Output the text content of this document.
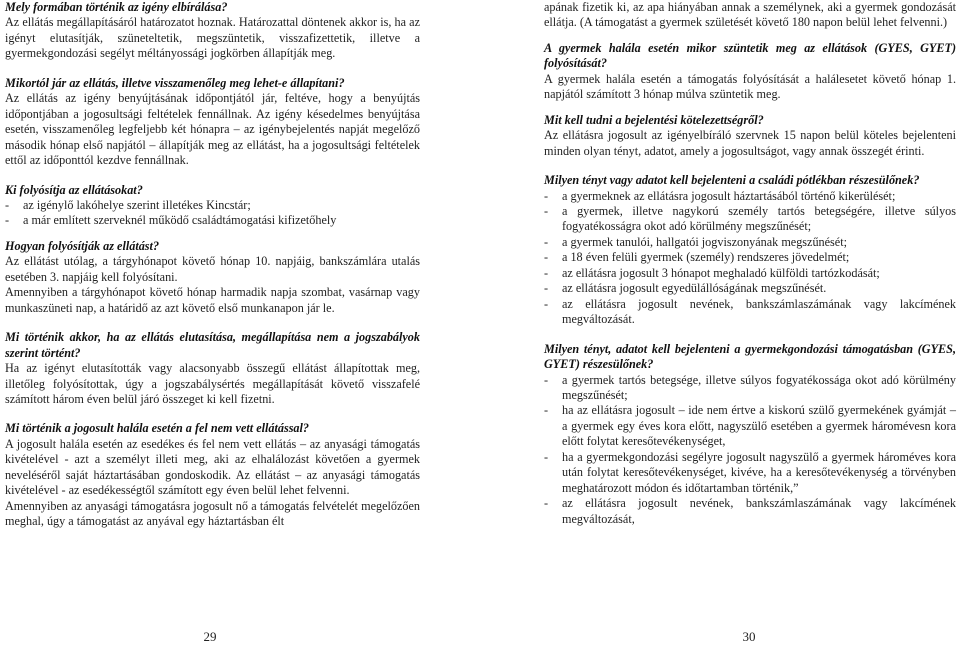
Mely formában történik az igény elbírálása?

Az ellátás megállapításáról határozatot hoznak. Határozattal döntenek akkor is, ha az igényt elutasítják, szüneteltetik, megszüntetik, visszafizettetik, illetve a gyermekgondozási segélyt méltányossági jogkörben állapítják meg.

Mikortól jár az ellátás, illetve visszamenőleg meg lehet-e állapítani?

Az ellátás az igény benyújtásának időpontjától jár, feltéve, hogy a benyújtás időpontjában a jogosultsági feltételek fennállnak. Az igény késedelmes benyújtása esetén, visszamenőleg legfeljebb két hónapra – az igénybejelentés napját megelőző második hónap első napjától – állapítják meg az ellátást, ha a jogosultsági feltételek ettől az időponttól kezdve fennállnak.

Ki folyósítja az ellátásokat?
- az igénylő lakóhelye szerint illetékes Kincstár;
- a már említett szerveknél működő családtámogatási kifizetőhely
Hogyan folyósítják az ellátást?

Az ellátást utólag, a tárgyhónapot követő hónap 10. napjáig, bankszámlára utalás esetében 3. napjáig kell folyósítani.

Amennyiben a tárgyhónapot követő hónap harmadik napja szombat, vasárnap vagy munkaszüneti nap, a határidő az azt követő első munkanapon jár le.

Mi történik akkor, ha az ellátás elutasítása, megállapítása nem a jogszabályok szerint történt?

Ha az igényt elutasították vagy alacsonyabb összegű ellátást állapítottak meg, illetőleg folyósítottak, úgy a jogszabálysértés megállapítását követő visszafelé számított három éven belül járó összeget ki kell fizetni.

Mi történik a jogosult halála esetén a fel nem vett ellátással?

A jogosult halála esetén az esedékes és fel nem vett ellátás – az anyasági támogatás kivételével - azt a személyt illeti meg, aki az elhalálozást követően a gyermek neveléséről saját háztartásában gondoskodik. Az ellátást – az anyasági támogatás kivételével - az esedékességtől számított egy éven belül lehet felvenni.

Amennyiben az anyasági támogatásra jogosult nő a támogatás felvételét megelőzően meghal, úgy a támogatást az anyával egy háztartásban élt

apának fizetik ki, az apa hiányában annak a személynek, aki a gyermek gondozását ellátja. (A támogatást a gyermek születését követő 180 napon belül lehet felvenni.)

A gyermek halála esetén mikor szüntetik meg az ellátások (GYES, GYET) folyósítását?

A gyermek halála esetén a támogatás folyósítását a halálesetet követő hónap 1. napjától számított 3 hónap múlva szüntetik meg.

Mit kell tudni a bejelentési kötelezettségről?

Az ellátásra jogosult az igényelbíráló szervnek 15 napon belül köteles bejelenteni minden olyan tényt, adatot, amely a jogosultságot, vagy annak összegét érinti.

Milyen tényt vagy adatot kell bejelenteni a családi pótlékban részesülőnek?
- a gyermeknek az ellátásra jogosult háztartásából történő kikerülését;
- a gyermek, illetve nagykorú személy tartós betegségére, illetve súlyos fogyatékosságra okot adó körülmény megszűnését;
- a gyermek tanulói, hallgatói jogviszonyának megszűnését;
- a 18 éven felüli gyermek (személy) rendszeres jövedelmét;
- az ellátásra jogosult 3 hónapot meghaladó külföldi tartózkodását;
- az ellátásra jogosult egyedülállóságának megszűnését.
- az ellátásra jogosult nevének, bankszámlaszámának vagy lakcímének megváltozását.
Milyen tényt, adatot kell bejelenteni a gyermekgondozási támogatásban (GYES, GYET) részesülőnek?
- a gyermek tartós betegsége, illetve súlyos fogyatékossága okot adó körülmény megszűnését;
- ha az ellátásra jogosult – ide nem értve a kiskorú szülő gyermekének gyámját – a gyermek egy éves kora előtt, nagyszülő esetében a gyermek háromévesn kora előtt folytat keresőtevékenységet,
- ha a gyermekgondozási segélyre jogosult nagyszülő a gyermek hároméves kora után folytat keresőtevékenységet, kivéve, ha a keresőtevékenység a törvényben meghatározott módon és időtartamban történik,”
- az ellátásra jogosult nevének, bankszámlaszámának vagy lakcímének megváltozását,
29	30
